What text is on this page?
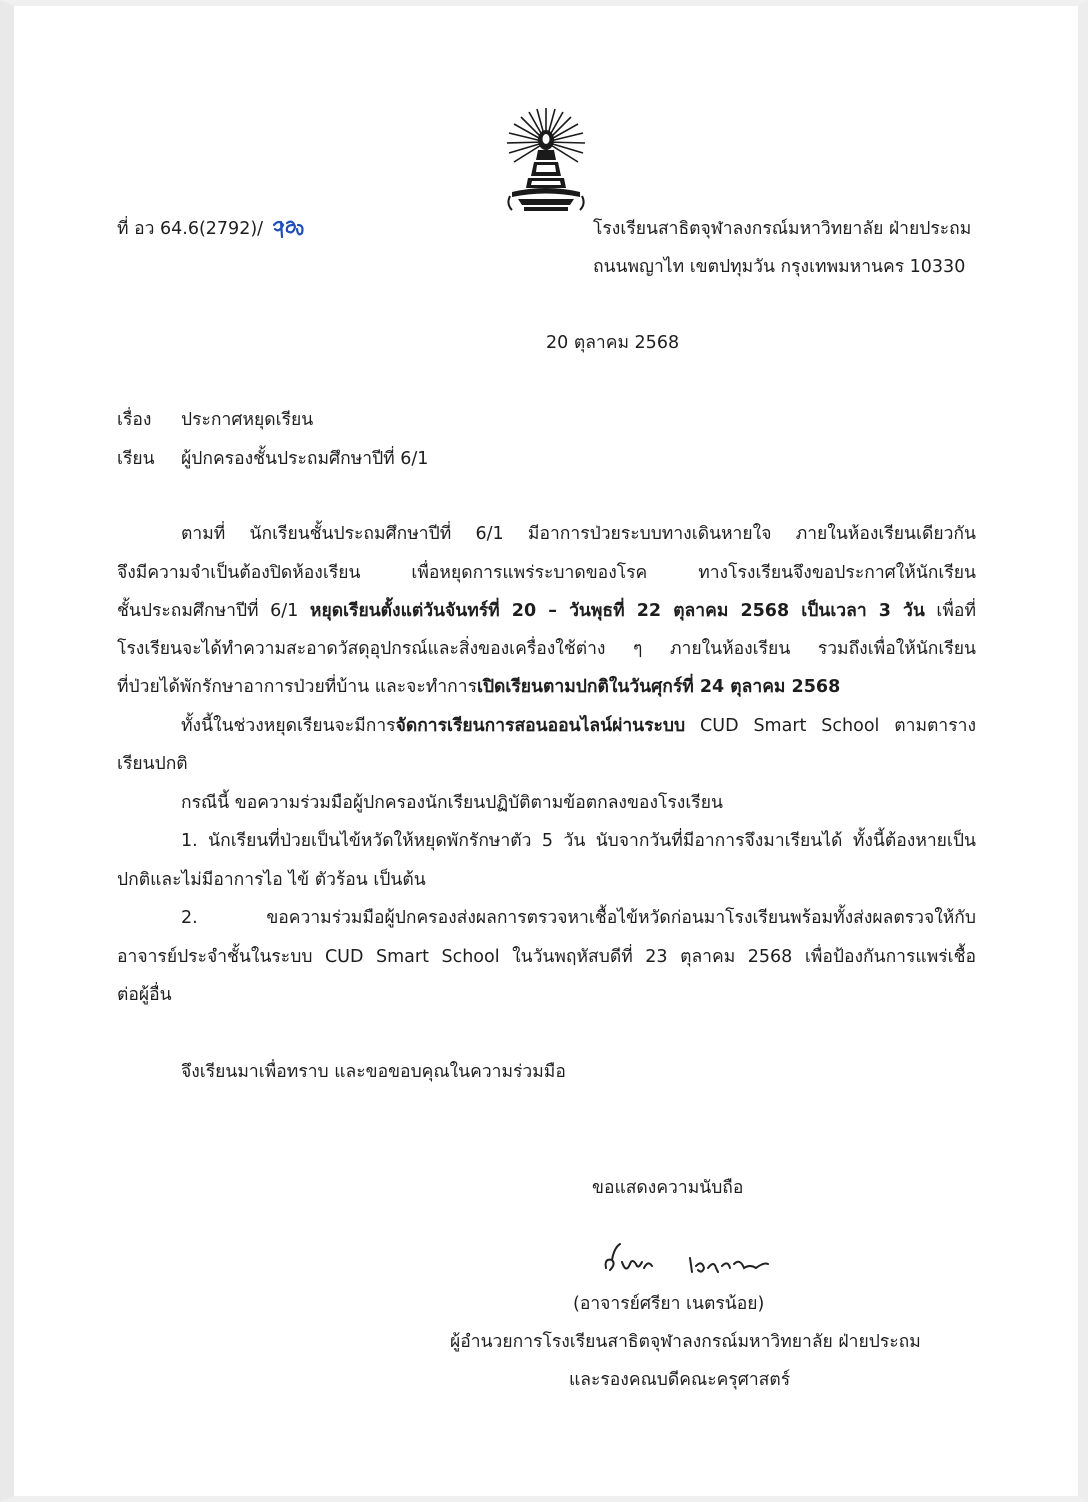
ที่ อว 64.6(2792)/	โรงเรียนสาธิตจุฬาลงกรณ์มหาวิทยาลัย ฝ่ายประถม

ถนนพญาไท เขตปทุมวัน กรุงเทพมหานคร 10330

20 ตุลาคม 2568

เรื่อง ประกาศหยุดเรียน

เรียน ผู้ปกครองชั้นประถมศึกษาปีที่ 6/1

ตามที่ นักเรียนชั้นประถมศึกษาปีที่ 6/1 มีอาการป่วยระบบทางเดินหายใจ ภายในห้องเรียนเดียวกัน

จึงมีความจำเป็นต้องปิดห้องเรียน เพื่อหยุดการแพร่ระบาดของโรค ทางโรงเรียนจึงขอประกาศให้นักเรียน

ชั้นประถมศึกษาปีที่ 6/1 หยุดเรียนตั้งแต่วันจันทร์ที่ 20 – วันพุธที่ 22 ตุลาคม 2568 เป็นเวลา 3 วัน เพื่อที่

โรงเรียนจะได้ทำความสะอาดวัสดุอุปกรณ์และสิ่งของเครื่องใช้ต่าง ๆ ภายในห้องเรียน รวมถึงเพื่อให้นักเรียน

ที่ป่วยได้พักรักษาอาการป่วยที่บ้าน และจะทำการเปิดเรียนตามปกติในวันศุกร์ที่ 24 ตุลาคม 2568

ทั้งนี้ในช่วงหยุดเรียนจะมีการจัดการเรียนการสอนออนไลน์ผ่านระบบ CUD Smart School ตามตาราง

เรียนปกติ

กรณีนี้ ขอความร่วมมือผู้ปกครองนักเรียนปฏิบัติตามข้อตกลงของโรงเรียน

1. นักเรียนที่ป่วยเป็นไข้หวัดให้หยุดพักรักษาตัว 5 วัน นับจากวันที่มีอาการจึงมาเรียนได้ ทั้งนี้ต้องหายเป็น

ปกติและไม่มีอาการไอ ไข้ ตัวร้อน เป็นต้น

2. ขอความร่วมมือผู้ปกครองส่งผลการตรวจหาเชื้อไข้หวัดก่อนมาโรงเรียนพร้อมทั้งส่งผลตรวจให้กับ

อาจารย์ประจำชั้นในระบบ CUD Smart School ในวันพฤหัสบดีที่ 23 ตุลาคม 2568 เพื่อป้องกันการแพร่เชื้อ

ต่อผู้อื่น

จึงเรียนมาเพื่อทราบ และขอขอบคุณในความร่วมมือ

ขอแสดงความนับถือ

(อาจารย์ศรียา เนตรน้อย)

ผู้อำนวยการโรงเรียนสาธิตจุฬาลงกรณ์มหาวิทยาลัย ฝ่ายประถม

และรองคณบดีคณะครุศาสตร์
